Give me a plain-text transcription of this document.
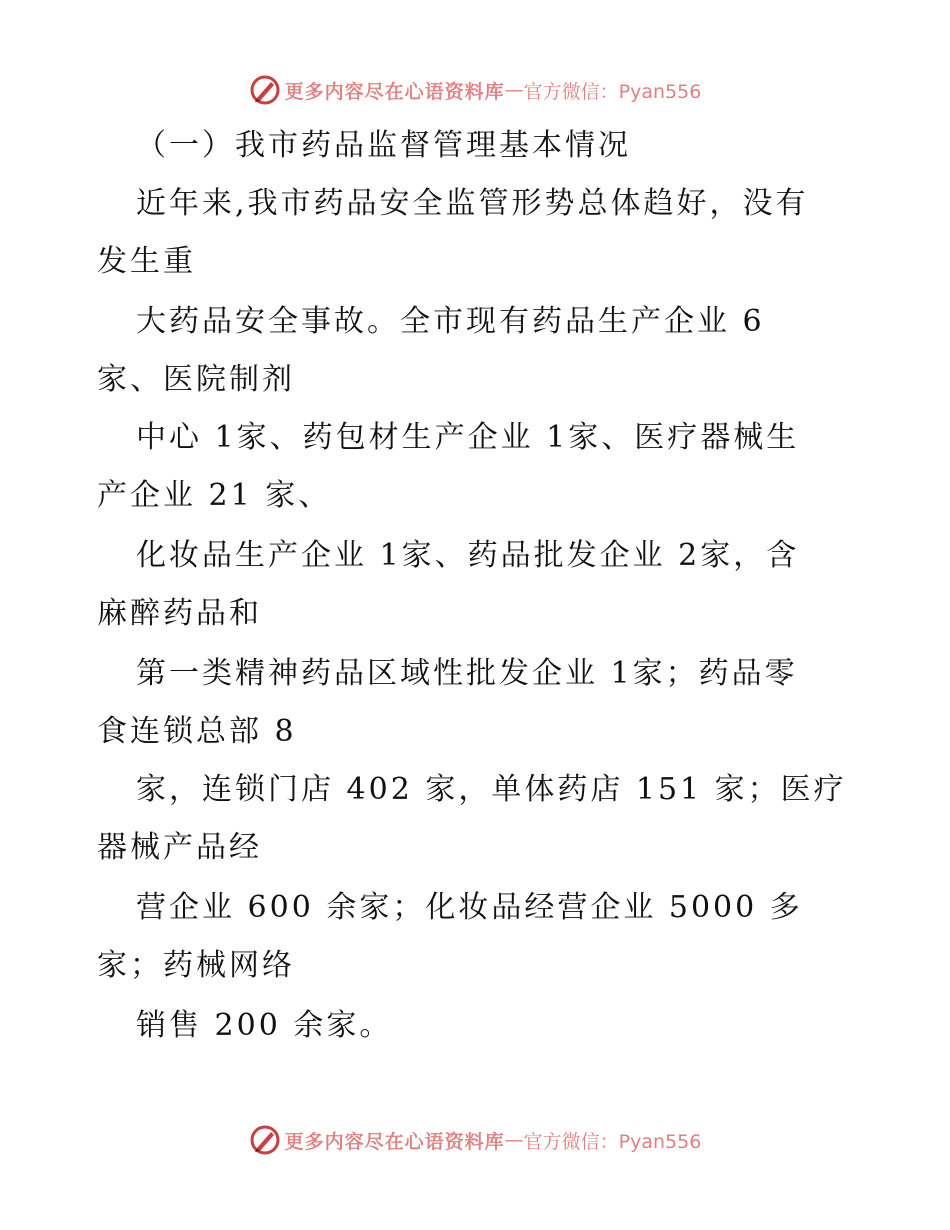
更多内容尽在心语资料库 — 官方微信：Pyan556
（一）我市药品监督管理基本情况
近年来,我市药品安全监管形势总体趋好，没有
发生重
大药品安全事故。全市现有药品生产企业 6
家、医院制剂
中心 1家、药包材生产企业 1家、医疗器械生
产企业 21 家、
化妆品生产企业 1家、药品批发企业 2家，含
麻醉药品和
第一类精神药品区域性批发企业 1家；药品零
食连锁总部 8
家，连锁门店 402 家，单体药店 151 家；医疗
器械产品经
营企业 600 余家；化妆品经营企业 5000 多
家；药械网络
销售 200 余家。
更多内容尽在心语资料库 — 官方微信：Pyan556
